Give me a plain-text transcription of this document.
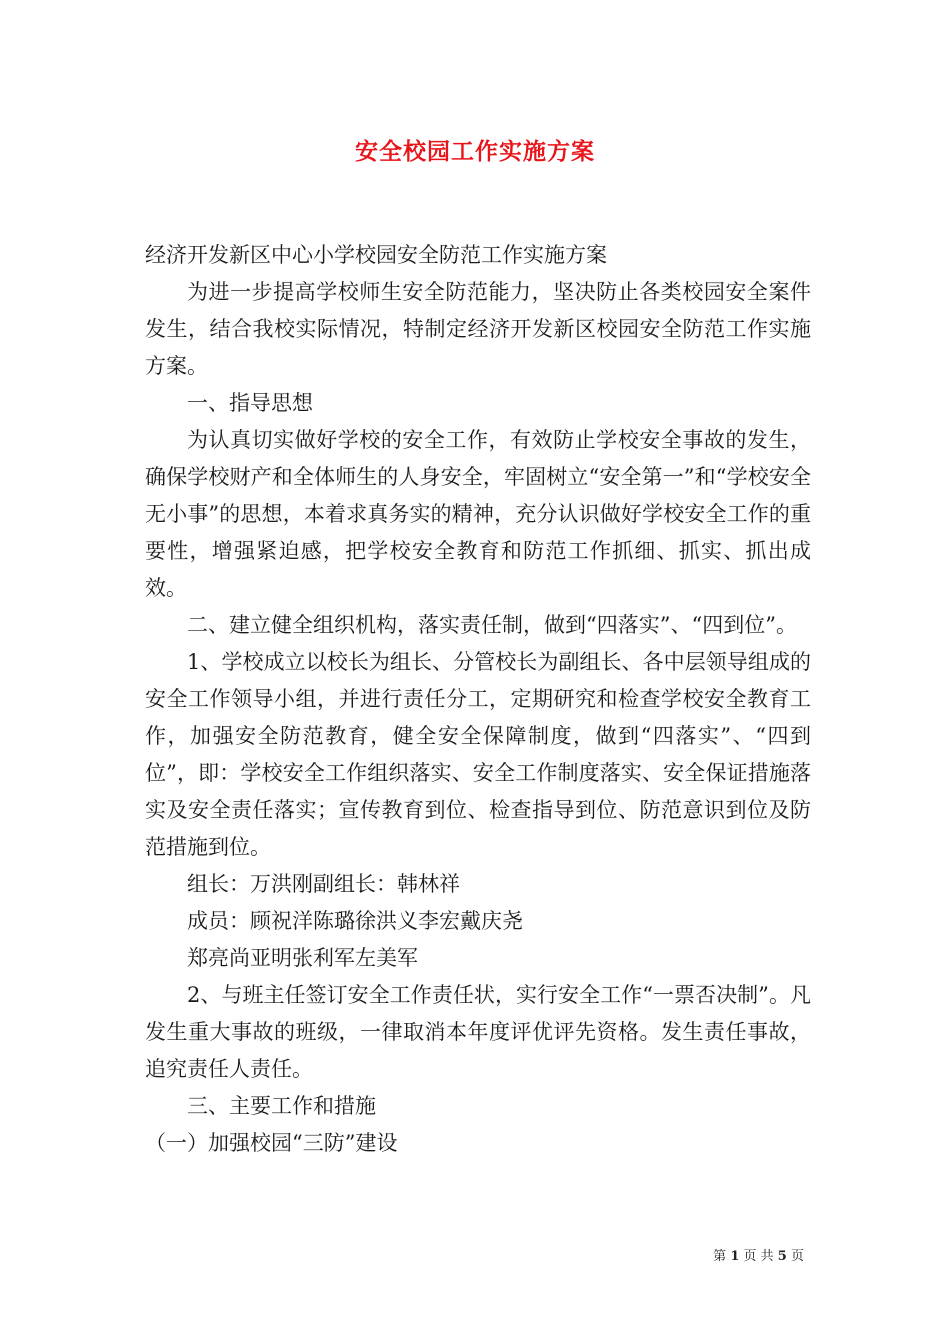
安全校园工作实施方案

经济开发新区中心小学校园安全防范工作实施方案

为进一步提高学校师生安全防范能力，坚决防止各类校园安全案件发生，结合我校实际情况，特制定经济开发新区校园安全防范工作实施方案。

一、指导思想

为认真切实做好学校的安全工作，有效防止学校安全事故的发生，确保学校财产和全体师生的人身安全，牢固树立“安全第一”和“学校安全无小事”的思想，本着求真务实的精神，充分认识做好学校安全工作的重要性，增强紧迫感，把学校安全教育和防范工作抓细、抓实、抓出成效。

二、建立健全组织机构，落实责任制，做到“四落实”、“四到位”。

1、学校成立以校长为组长、分管校长为副组长、各中层领导组成的安全工作领导小组，并进行责任分工，定期研究和检查学校安全教育工作，加强安全防范教育，健全安全保障制度，做到“四落实”、“四到位”，即：学校安全工作组织落实、安全工作制度落实、安全保证措施落实及安全责任落实；宣传教育到位、检查指导到位、防范意识到位及防范措施到位。

组长：万洪刚副组长：韩林祥

成员：顾祝洋陈璐徐洪义李宏戴庆尧

郑亮尚亚明张利军左美军

2、与班主任签订安全工作责任状，实行安全工作“一票否决制”。凡发生重大事故的班级，一律取消本年度评优评先资格。发生责任事故，追究责任人责任。

三、主要工作和措施

（一）加强校园“三防”建设

第 1 页 共 5 页
